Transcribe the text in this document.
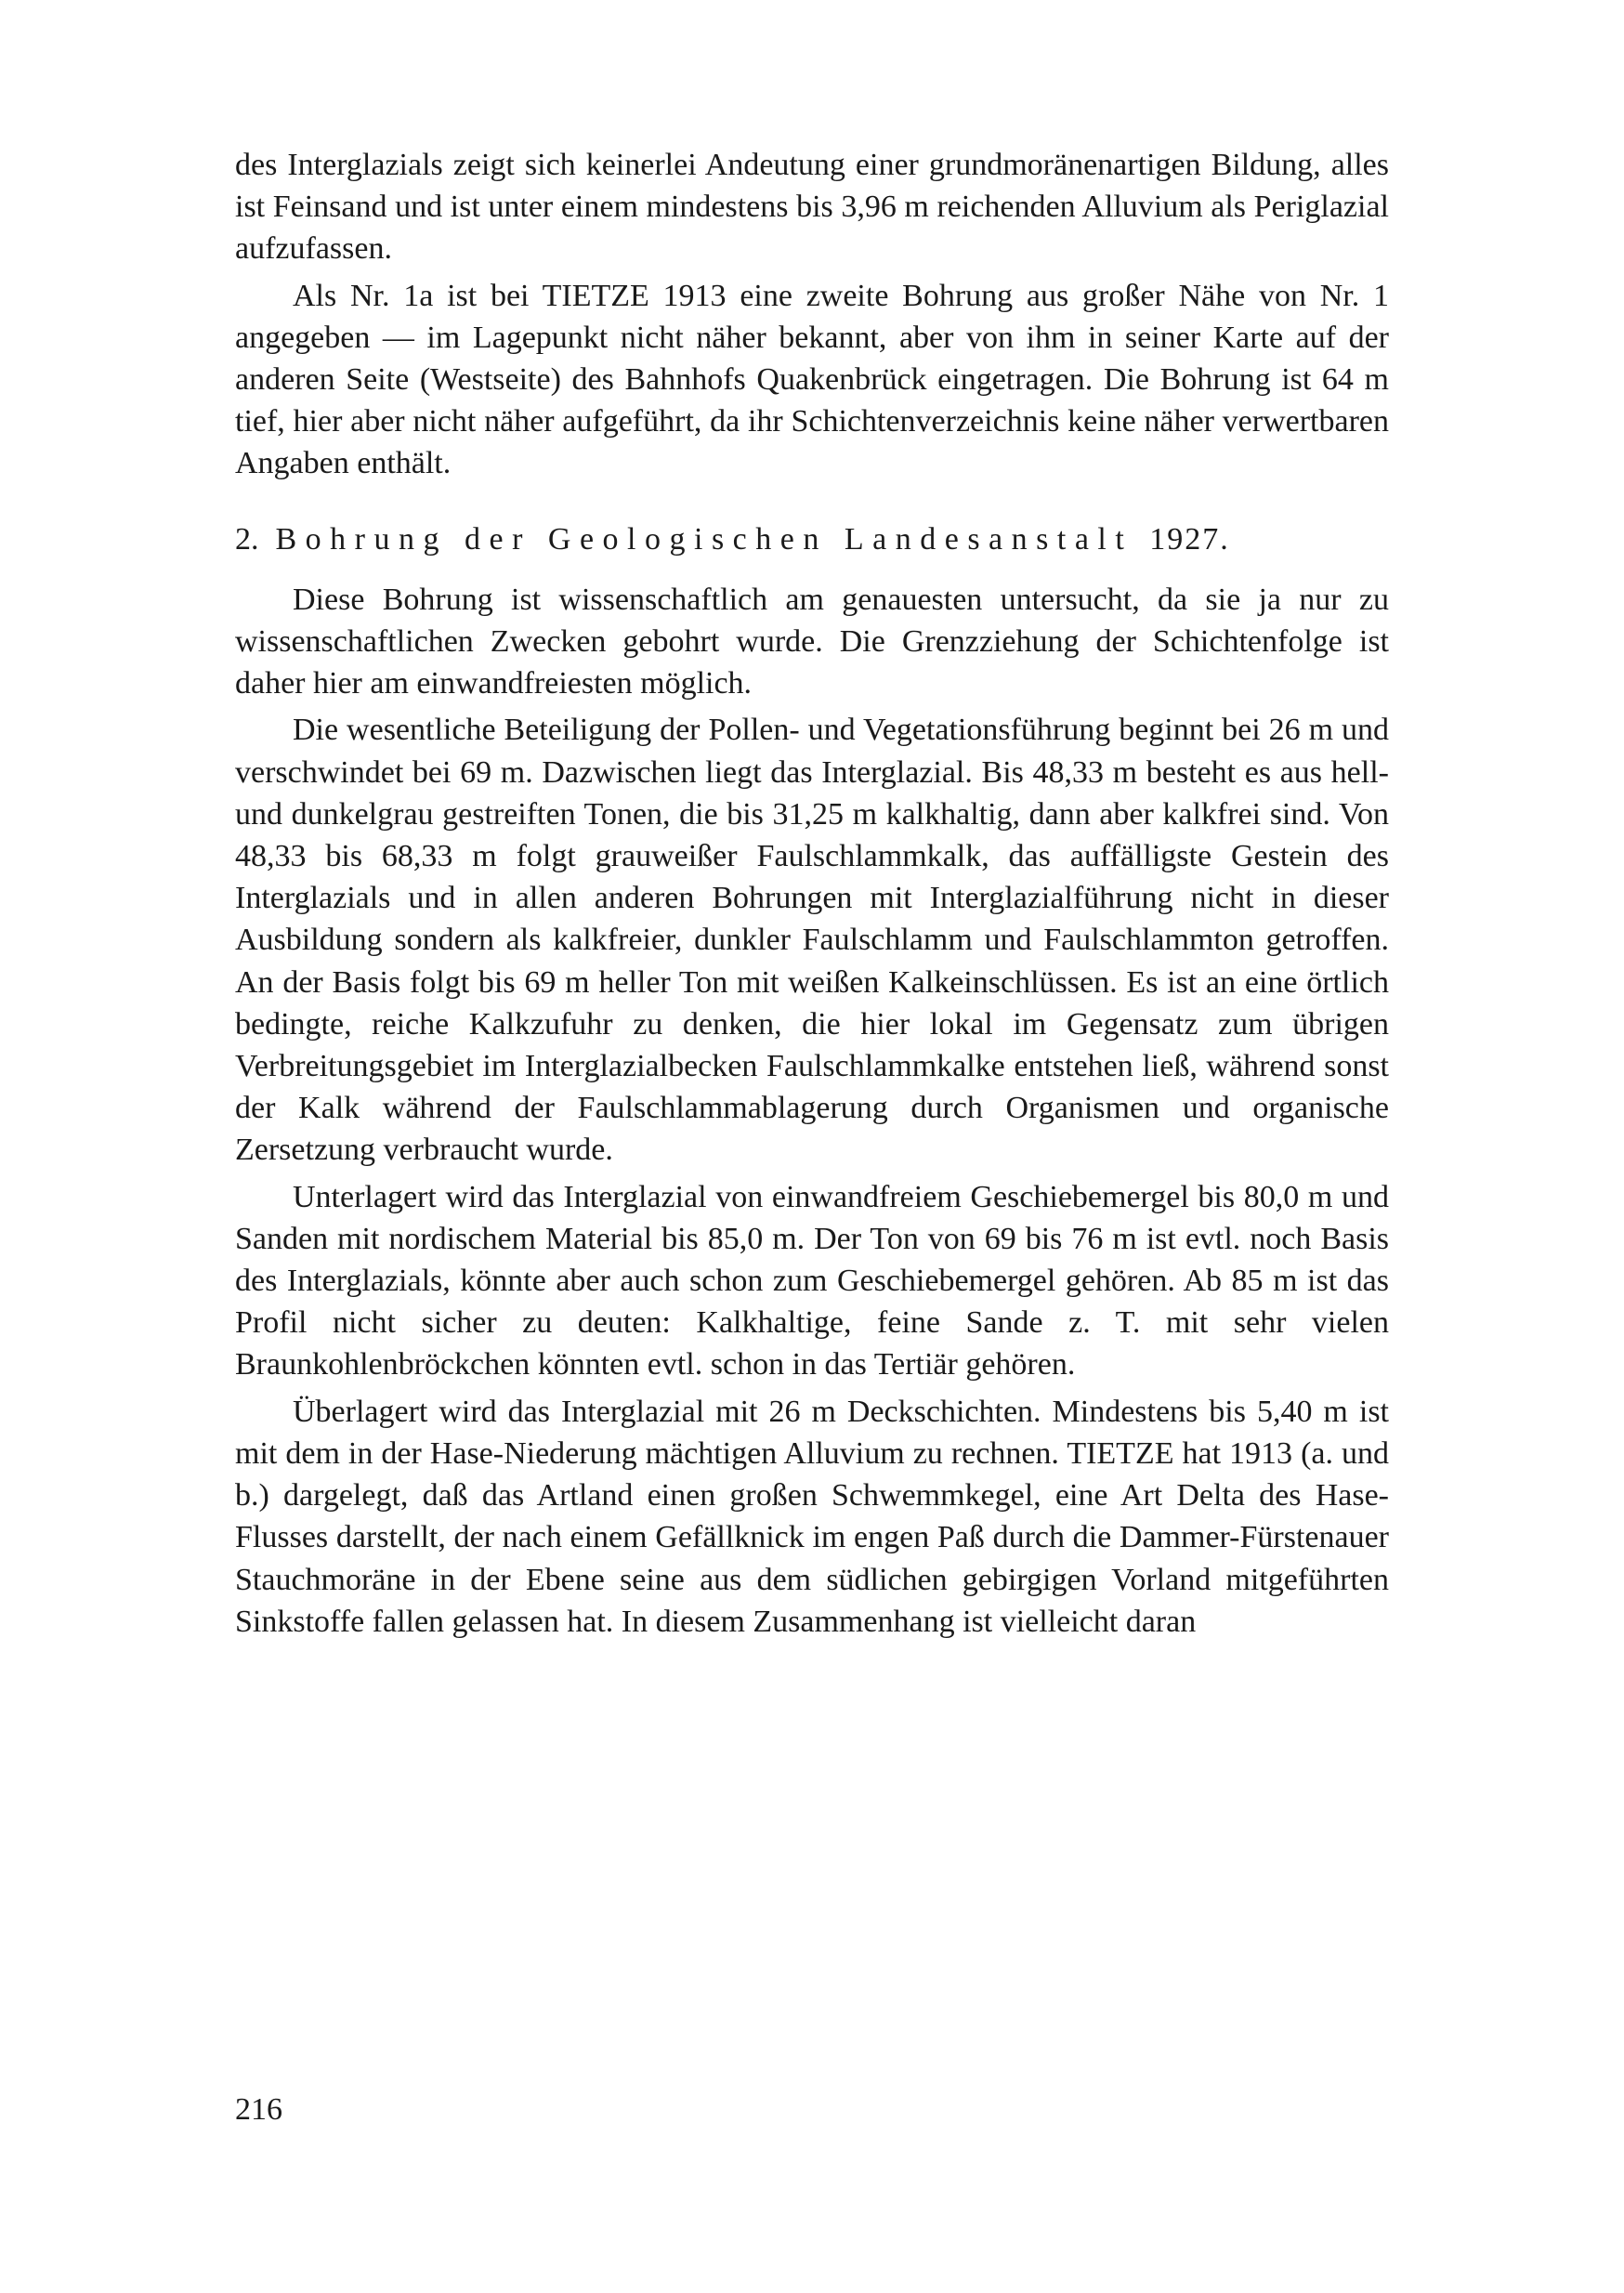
des Interglazials zeigt sich keinerlei Andeutung einer grundmoränenartigen Bildung, alles ist Feinsand und ist unter einem mindestens bis 3,96 m reichenden Alluvium als Periglazial aufzufassen.

Als Nr. 1a ist bei TIETZE 1913 eine zweite Bohrung aus großer Nähe von Nr. 1 angegeben — im Lagepunkt nicht näher bekannt, aber von ihm in seiner Karte auf der anderen Seite (Westseite) des Bahnhofs Quakenbrück eingetragen. Die Bohrung ist 64 m tief, hier aber nicht näher aufgeführt, da ihr Schichtenverzeichnis keine näher verwertbaren Angaben enthält.

2. Bohrung der Geologischen Landesanstalt 1927.

Diese Bohrung ist wissenschaftlich am genauesten untersucht, da sie ja nur zu wissenschaftlichen Zwecken gebohrt wurde. Die Grenzziehung der Schichtenfolge ist daher hier am einwandfreiesten möglich.

Die wesentliche Beteiligung der Pollen- und Vegetationsführung beginnt bei 26 m und verschwindet bei 69 m. Dazwischen liegt das Interglazial. Bis 48,33 m besteht es aus hell- und dunkelgrau gestreiften Tonen, die bis 31,25 m kalkhaltig, dann aber kalkfrei sind. Von 48,33 bis 68,33 m folgt grauweißer Faulschlammkalk, das auffälligste Gestein des Interglazials und in allen anderen Bohrungen mit Interglazialführung nicht in dieser Ausbildung sondern als kalkfreier, dunkler Faulschlamm und Faulschlammton getroffen. An der Basis folgt bis 69 m heller Ton mit weißen Kalkeinschlüssen. Es ist an eine örtlich bedingte, reiche Kalkzufuhr zu denken, die hier lokal im Gegensatz zum übrigen Verbreitungsgebiet im Interglazialbecken Faulschlammkalke entstehen ließ, während sonst der Kalk während der Faulschlammablagerung durch Organismen und organische Zersetzung verbraucht wurde.

Unterlagert wird das Interglazial von einwandfreiem Geschiebemergel bis 80,0 m und Sanden mit nordischem Material bis 85,0 m. Der Ton von 69 bis 76 m ist evtl. noch Basis des Interglazials, könnte aber auch schon zum Geschiebemergel gehören. Ab 85 m ist das Profil nicht sicher zu deuten: Kalkhaltige, feine Sande z. T. mit sehr vielen Braunkohlenbröckchen könnten evtl. schon in das Tertiär gehören.

Überlagert wird das Interglazial mit 26 m Deckschichten. Mindestens bis 5,40 m ist mit dem in der Hase-Niederung mächtigen Alluvium zu rechnen. TIETZE hat 1913 (a. und b.) dargelegt, daß das Artland einen großen Schwemmkegel, eine Art Delta des Hase-Flusses darstellt, der nach einem Gefällknick im engen Paß durch die Dammer-Fürstenauer Stauchmoräne in der Ebene seine aus dem südlichen gebirgigen Vorland mitgeführten Sinkstoffe fallen gelassen hat. In diesem Zusammenhang ist vielleicht daran

216
